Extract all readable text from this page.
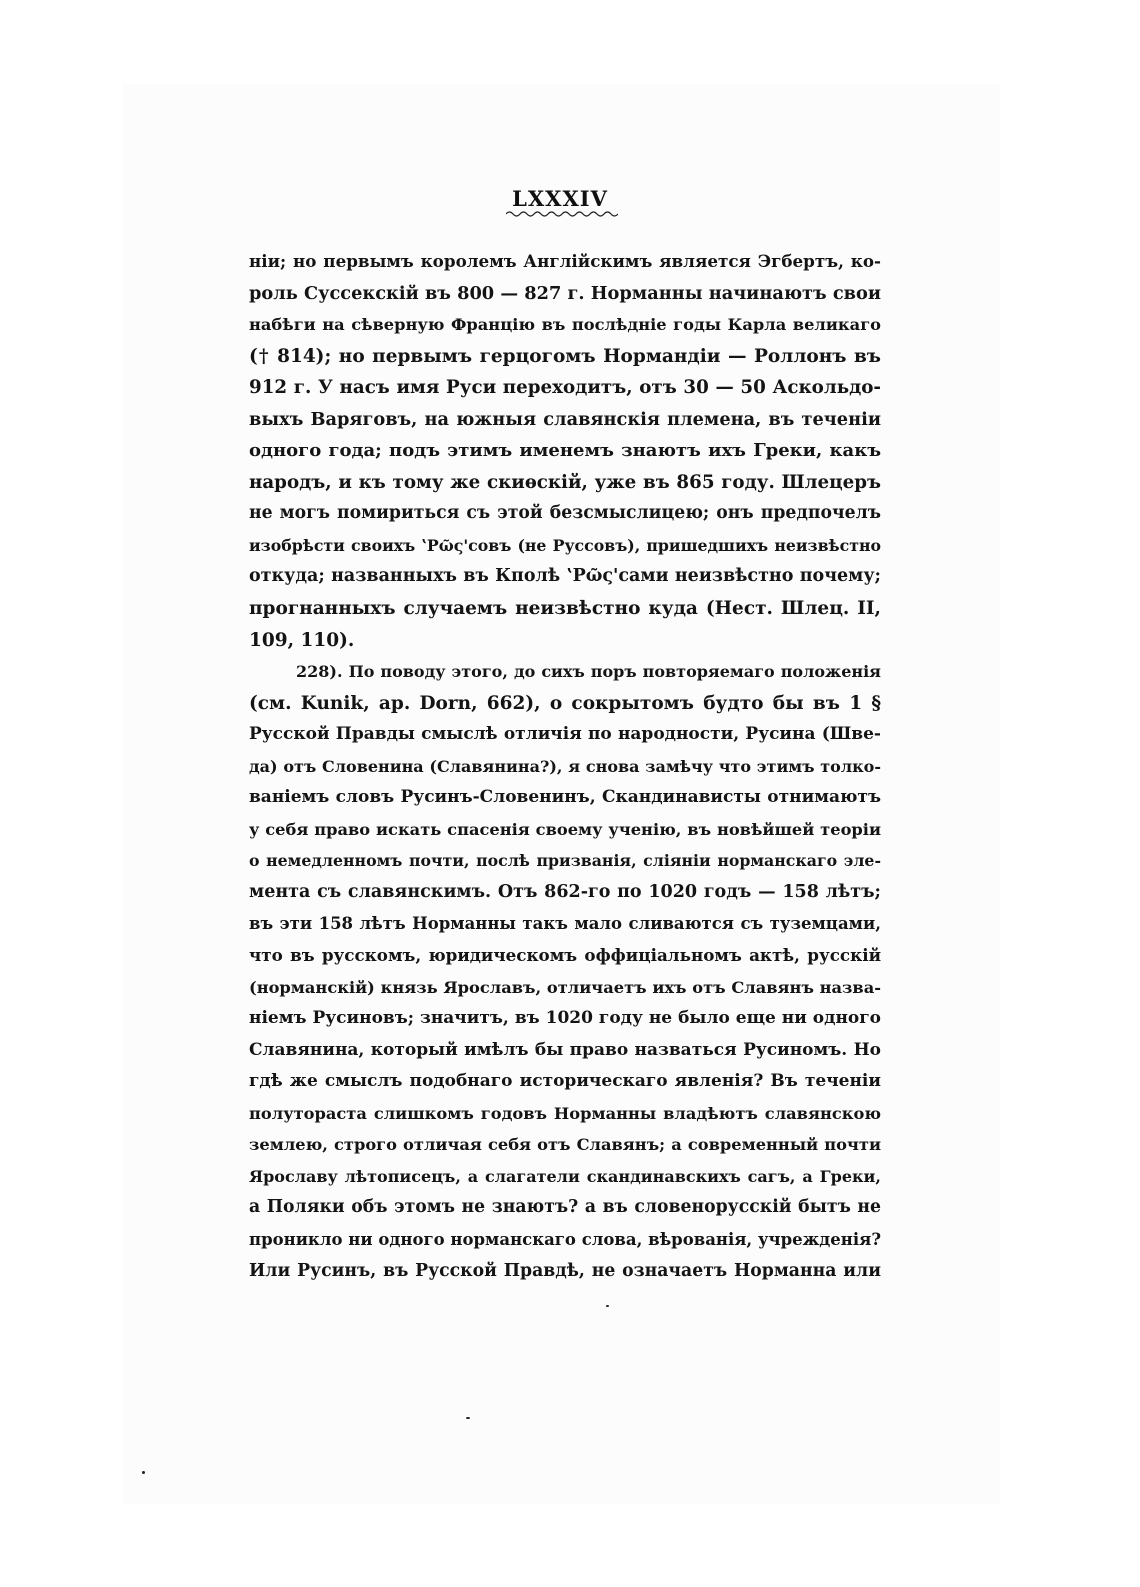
LXXXIV
нiи; но первымъ королемъ Англiйскимъ является Эгбертъ, ко-
роль Суссекскiй въ 800 — 827 г. Норманны начинаютъ свои
набѣги на сѣверную Францiю въ послѣднiе годы Карла великаго
(† 814); но первымъ герцогомъ Нормандiи — Роллонъ въ
912 г. У насъ имя Руси переходитъ, отъ 30 — 50 Аскольдо-
выхъ Варяговъ, на южныя славянскiя племена, въ теченiи
одного года; подъ этимъ именемъ знаютъ ихъ Греки, какъ
народъ, и къ тому же скиѳскiй, уже въ 865 году. Шлецеръ
не могъ помириться съ этой безсмыслицею; онъ предпочелъ
изобрѣсти своихъ ʽΡῶς'совъ (не Руссовъ), пришедшихъ неизвѣстно
откуда; названныхъ въ Кполѣ ʽΡῶς'сами неизвѣстно почему;
прогнанныхъ случаемъ неизвѣстно куда (Нест. Шлец. II,
109, 110).
228). По поводу этого, до сихъ поръ повторяемаго положенiя
(см. Kunik, ap. Dorn, 662), о сокрытомъ будто бы въ 1 §
Русской Правды смыслѣ отличiя по народности, Русина (Шве-
да) отъ Словенина (Славянина?), я снова замѣчу что этимъ толко-
ванiемъ словъ Русинъ-Словенинъ, Скандинависты отнимаютъ
у себя право искать спасенiя своему ученiю, въ новѣйшей теорiи
о немедленномъ почти, послѣ призванiя, слiянiи норманскаго эле-
мента съ славянскимъ. Отъ 862-го по 1020 годъ — 158 лѣтъ;
въ эти 158 лѣтъ Норманны такъ мало сливаются съ туземцами,
что въ русскомъ, юридическомъ оффицiальномъ актѣ, русскiй
(норманскiй) князь Ярославъ, отличаетъ ихъ отъ Славянъ назва-
нiемъ Русиновъ; значитъ, въ 1020 году не было еще ни одного
Славянина, который имѣлъ бы право назваться Русиномъ. Но
гдѣ же смыслъ подобнаго историческаго явленiя? Въ теченiи
полутораста слишкомъ годовъ Норманны владѣютъ славянскою
землею, строго отличая себя отъ Славянъ; а современный почти
Ярославу лѣтописецъ, а слагатели скандинавскихъ сагъ, а Греки,
а Поляки объ этомъ не знаютъ? а въ словенорусскiй бытъ не
проникло ни одного норманскаго слова, вѣрованiя, учрежденiя?
Или Русинъ, въ Русской Правдѣ, не означаетъ Норманна или
